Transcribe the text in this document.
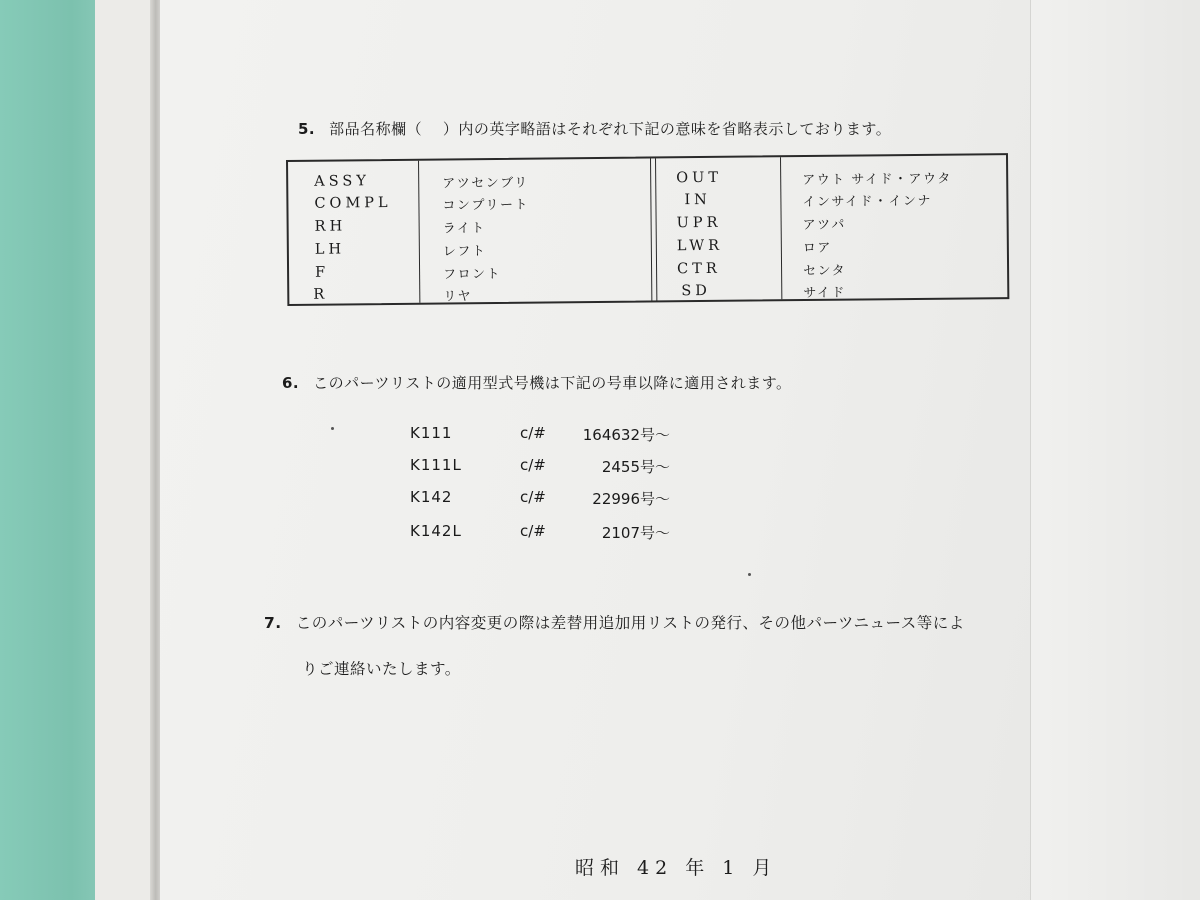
5. 部品名称欄（　 ）内の英字略語はそれぞれ下記の意味を省略表示しております。
ASSY	アツセンブリ	OUT	アウト サイド・アウタ
COMPL	コンプリート	IN	インサイド・インナ
RH	ライト	UPR	アツパ
LH	レフト	LWR	ロア
F	フロント	CTR	センタ
R	リヤ	SD	サイド
6. このパーツリストの適用型式号機は下記の号車以降に適用されます。
K111	c/#	164632号～
K111L	c/#	2455号～
K142	c/#	22996号～
K142L	c/#	2107号～
7. このパーツリストの内容変更の際は差替用追加用リストの発行、その他パーツニュース等によ
りご連絡いたします。
昭和 42 年 1 月
